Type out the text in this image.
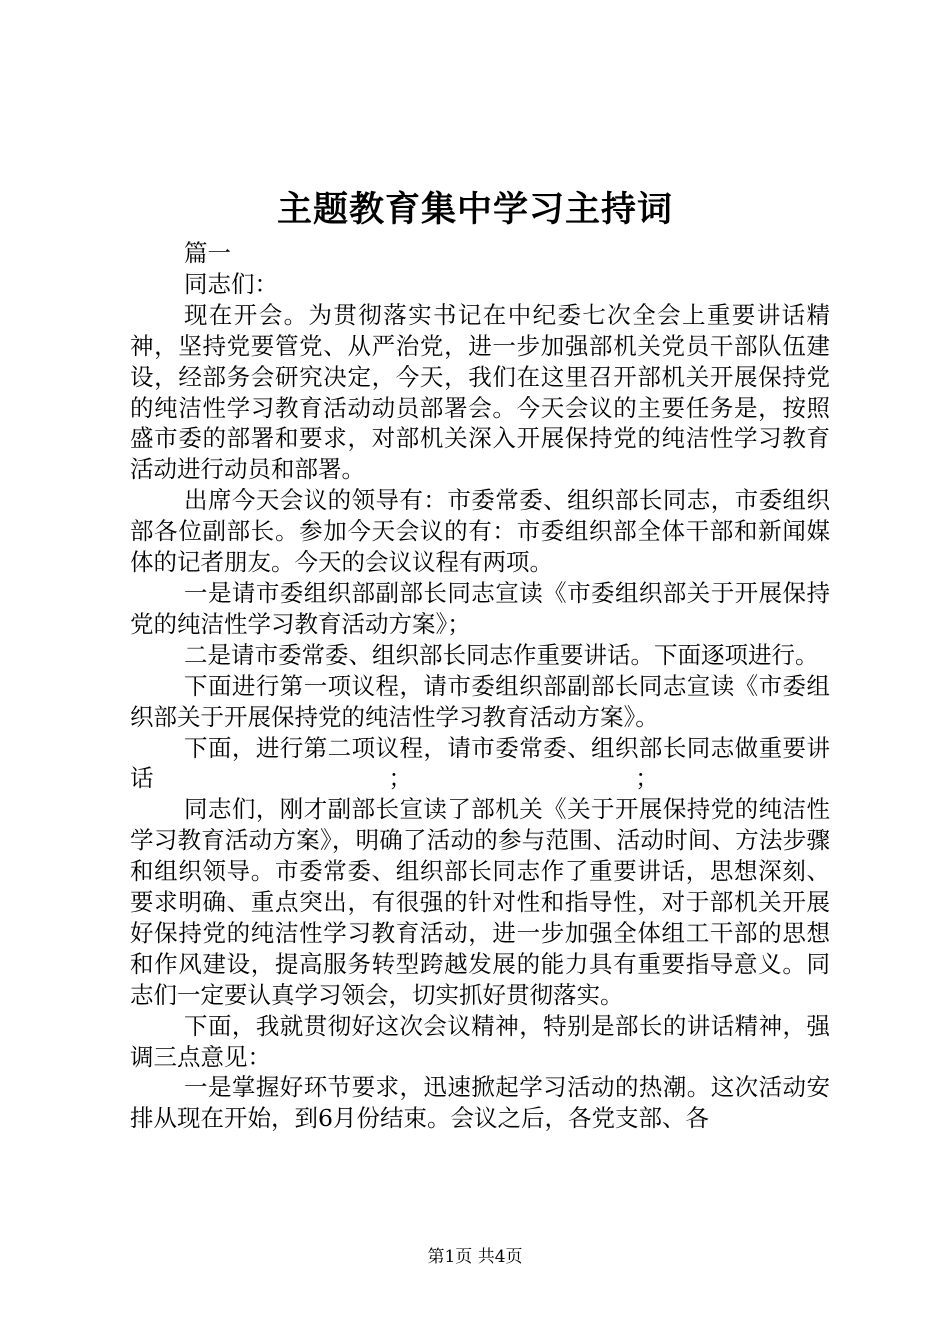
主题教育集中学习主持词

篇一

同志们：

现在开会。为贯彻落实书记在中纪委七次全会上重要讲话精神，坚持党要管党、从严治党，进一步加强部机关党员干部队伍建设，经部务会研究决定，今天，我们在这里召开部机关开展保持党的纯洁性学习教育活动动员部署会。今天会议的主要任务是，按照盛市委的部署和要求，对部机关深入开展保持党的纯洁性学习教育活动进行动员和部署。

出席今天会议的领导有：市委常委、组织部长同志，市委组织部各位副部长。参加今天会议的有：市委组织部全体干部和新闻媒体的记者朋友。今天的会议议程有两项。

一是请市委组织部副部长同志宣读《市委组织部关于开展保持党的纯洁性学习教育活动方案》；

二是请市委常委、组织部长同志作重要讲话。下面逐项进行。

下面进行第一项议程，请市委组织部副部长同志宣读《市委组织部关于开展保持党的纯洁性学习教育活动方案》。

下面，进行第二项议程，请市委常委、组织部长同志做重要讲话　　　　　　　　　　；　　　　　　　　　　；

同志们，刚才副部长宣读了部机关《关于开展保持党的纯洁性学习教育活动方案》，明确了活动的参与范围、活动时间、方法步骤和组织领导。市委常委、组织部长同志作了重要讲话，思想深刻、要求明确、重点突出，有很强的针对性和指导性，对于部机关开展好保持党的纯洁性学习教育活动，进一步加强全体组工干部的思想和作风建设，提高服务转型跨越发展的能力具有重要指导意义。同志们一定要认真学习领会，切实抓好贯彻落实。

下面，我就贯彻好这次会议精神，特别是部长的讲话精神，强调三点意见：

一是掌握好环节要求，迅速掀起学习活动的热潮。这次活动安排从现在开始，到6月份结束。会议之后，各党支部、各

第1页 共4页
